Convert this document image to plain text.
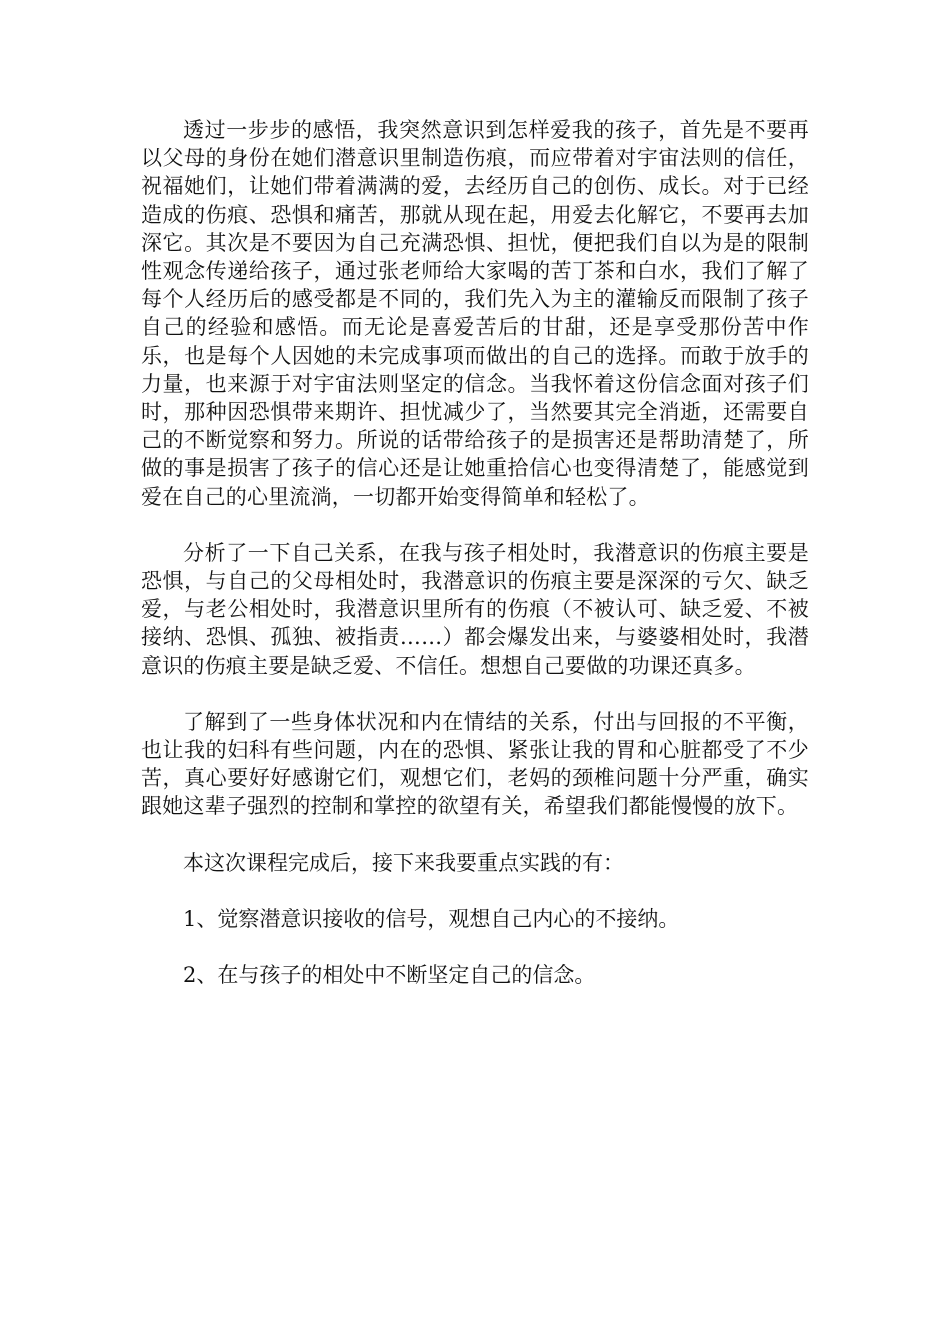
透过一步步的感悟，我突然意识到怎样爱我的孩子，首先是不要再以父母的身份在她们潜意识里制造伤痕，而应带着对宇宙法则的信任，祝福她们，让她们带着满满的爱，去经历自己的创伤、成长。对于已经造成的伤痕、恐惧和痛苦，那就从现在起，用爱去化解它，不要再去加深它。其次是不要因为自己充满恐惧、担忧，便把我们自以为是的限制性观念传递给孩子，通过张老师给大家喝的苦丁茶和白水，我们了解了每个人经历后的感受都是不同的，我们先入为主的灌输反而限制了孩子自己的经验和感悟。而无论是喜爱苦后的甘甜，还是享受那份苦中作乐，也是每个人因她的未完成事项而做出的自己的选择。而敢于放手的力量，也来源于对宇宙法则坚定的信念。当我怀着这份信念面对孩子们时，那种因恐惧带来期许、担忧减少了，当然要其完全消逝，还需要自己的不断觉察和努力。所说的话带给孩子的是损害还是帮助清楚了，所做的事是损害了孩子的信心还是让她重拾信心也变得清楚了，能感觉到爱在自己的心里流淌，一切都开始变得简单和轻松了。

分析了一下自己关系，在我与孩子相处时，我潜意识的伤痕主要是恐惧，与自己的父母相处时，我潜意识的伤痕主要是深深的亏欠、缺乏爱，与老公相处时，我潜意识里所有的伤痕（不被认可、缺乏爱、不被接纳、恐惧、孤独、被指责……）都会爆发出来，与婆婆相处时，我潜意识的伤痕主要是缺乏爱、不信任。想想自己要做的功课还真多。

了解到了一些身体状况和内在情结的关系，付出与回报的不平衡，也让我的妇科有些问题，内在的恐惧、紧张让我的胃和心脏都受了不少苦，真心要好好感谢它们，观想它们，老妈的颈椎问题十分严重，确实跟她这辈子强烈的控制和掌控的欲望有关，希望我们都能慢慢的放下。

本这次课程完成后，接下来我要重点实践的有：

1、觉察潜意识接收的信号，观想自己内心的不接纳。

2、在与孩子的相处中不断坚定自己的信念。
